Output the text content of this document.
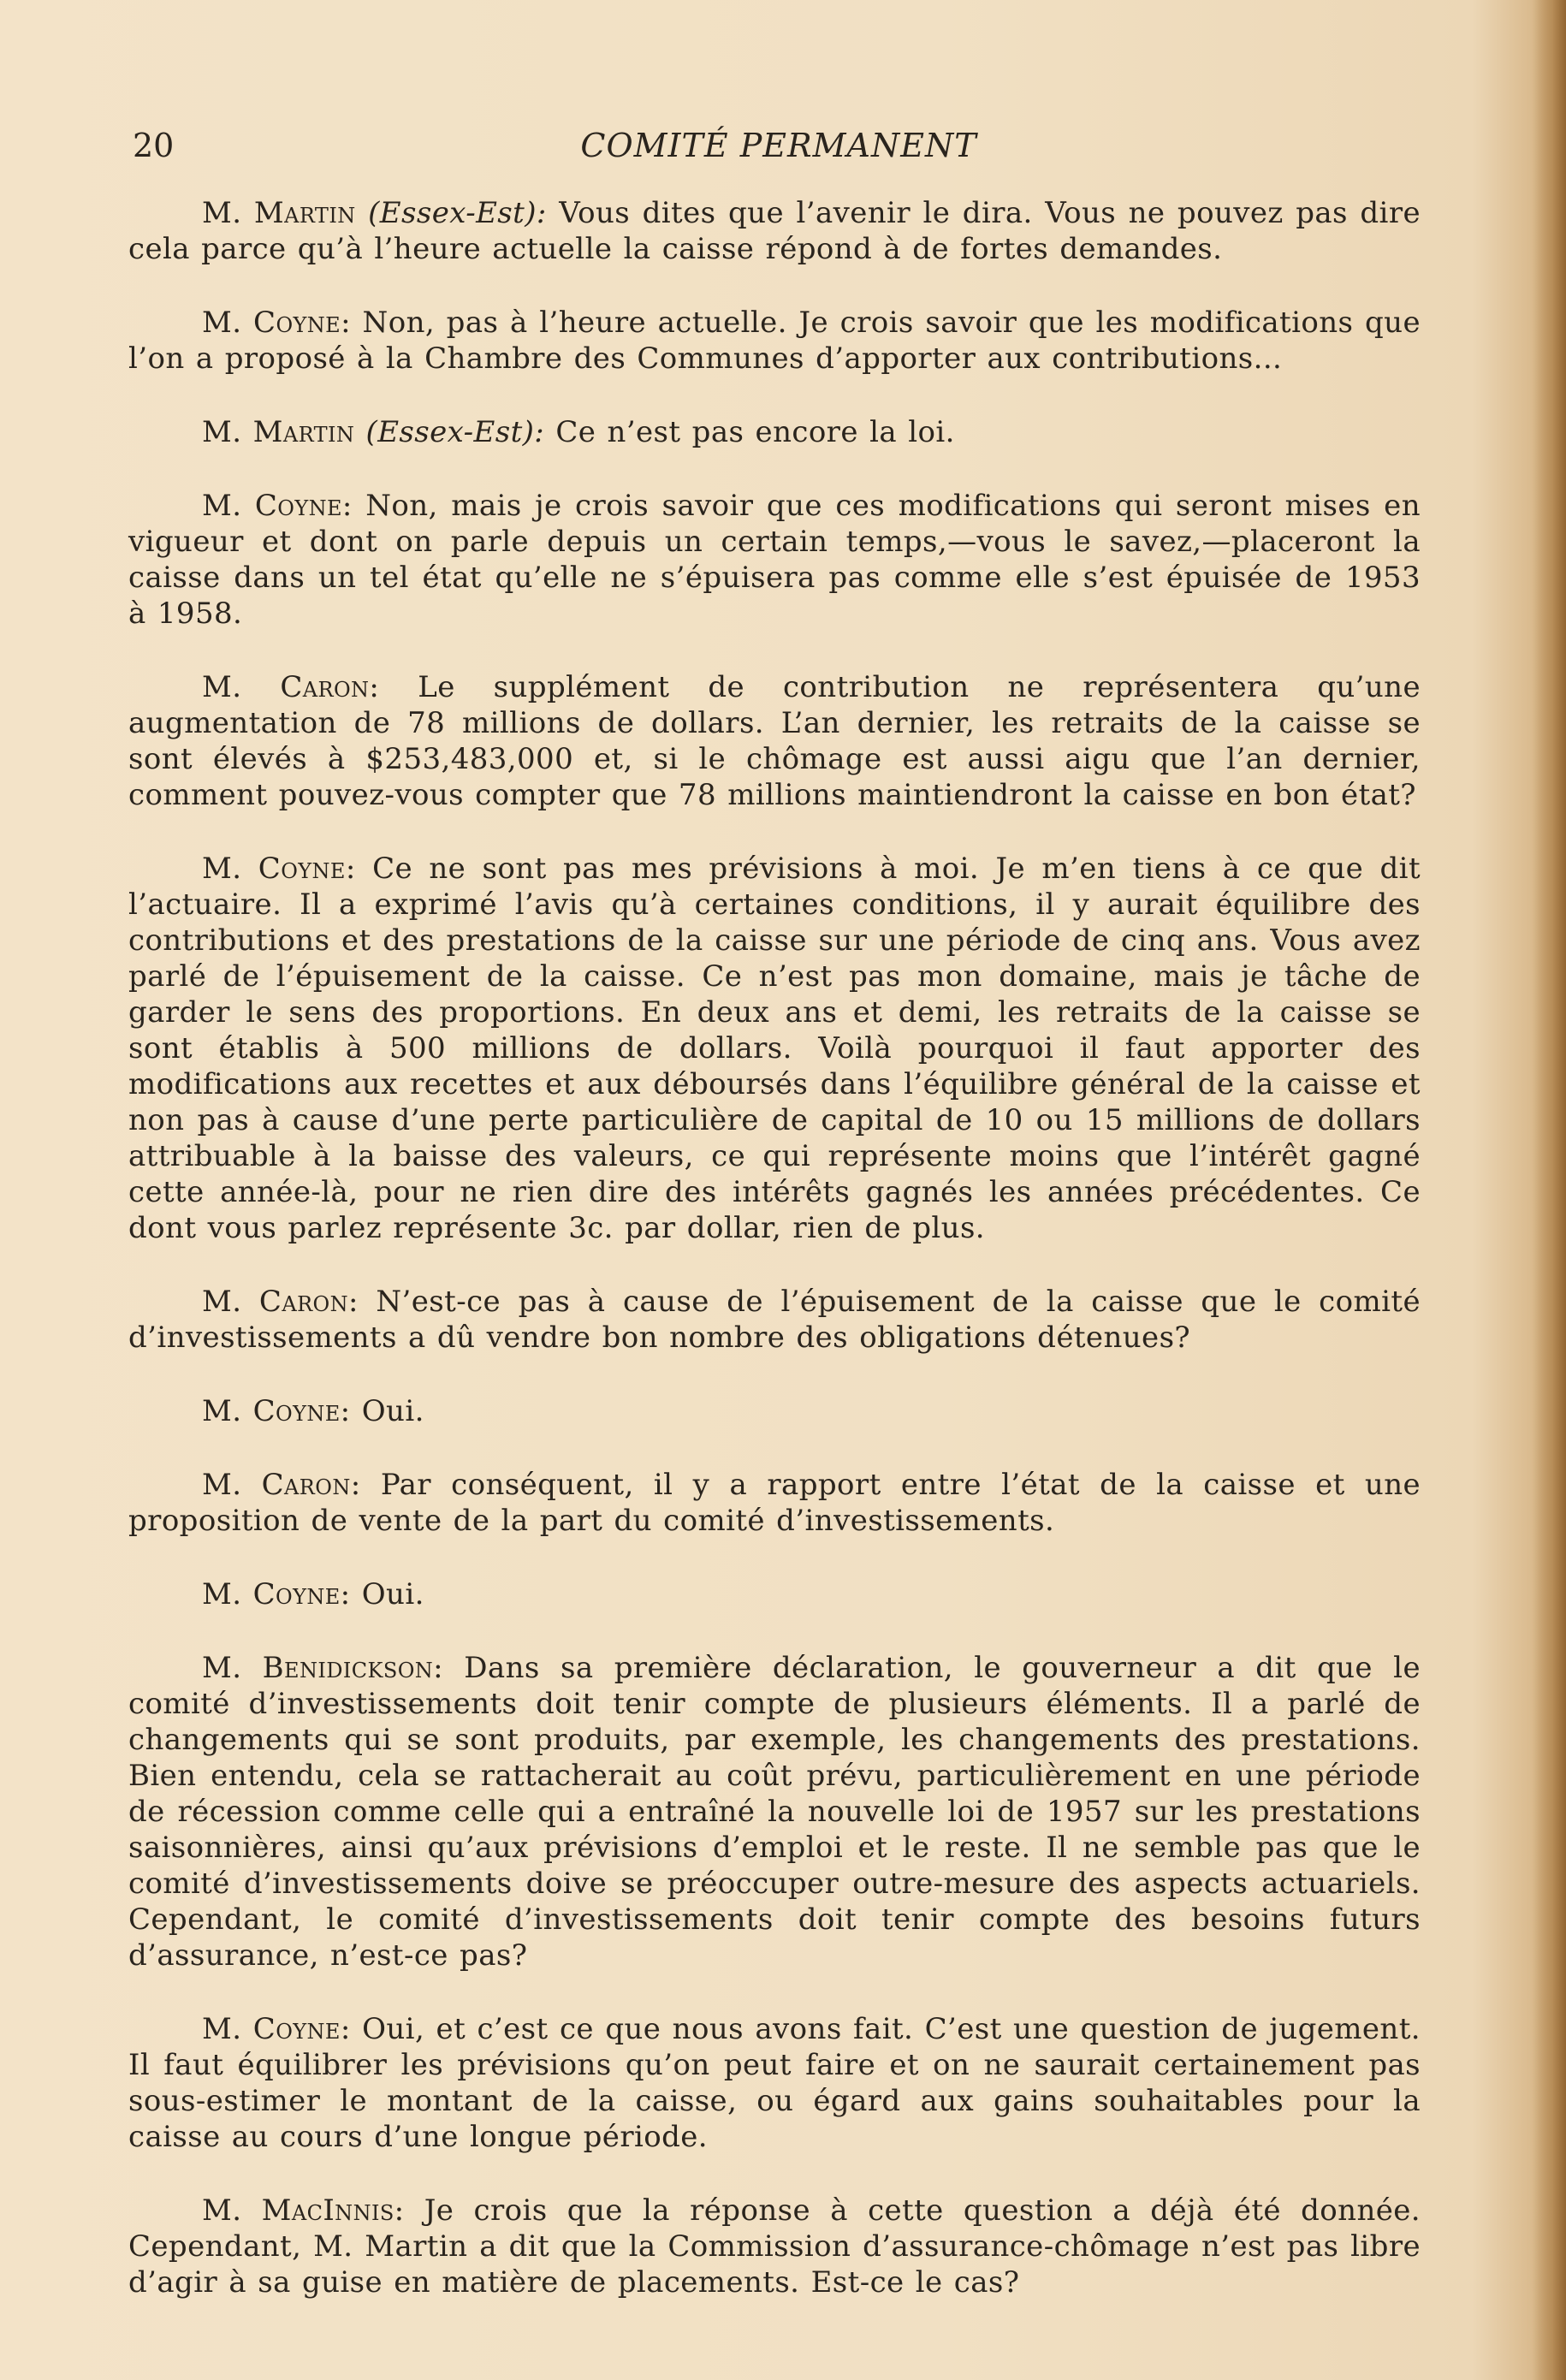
20	COMITÉ PERMANENT

M. Martin (Essex-Est): Vous dites que l’avenir le dira. Vous ne pouvez pas dire cela parce qu’à l’heure actuelle la caisse répond à de fortes demandes.

M. Coyne: Non, pas à l’heure actuelle. Je crois savoir que les modifications que l’on a proposé à la Chambre des Communes d’apporter aux contributions...

M. Martin (Essex-Est): Ce n’est pas encore la loi.

M. Coyne: Non, mais je crois savoir que ces modifications qui seront mises en vigueur et dont on parle depuis un certain temps,—vous le savez,—placeront la caisse dans un tel état qu’elle ne s’épuisera pas comme elle s’est épuisée de 1953 à 1958.

M. Caron: Le supplément de contribution ne représentera qu’une augmentation de 78 millions de dollars. L’an dernier, les retraits de la caisse se sont élevés à $253,483,000 et, si le chômage est aussi aigu que l’an dernier, comment pouvez-vous compter que 78 millions maintiendront la caisse en bon état?

M. Coyne: Ce ne sont pas mes prévisions à moi. Je m’en tiens à ce que dit l’actuaire. Il a exprimé l’avis qu’à certaines conditions, il y aurait équilibre des contributions et des prestations de la caisse sur une période de cinq ans. Vous avez parlé de l’épuisement de la caisse. Ce n’est pas mon domaine, mais je tâche de garder le sens des proportions. En deux ans et demi, les retraits de la caisse se sont établis à 500 millions de dollars. Voilà pourquoi il faut apporter des modifications aux recettes et aux déboursés dans l’équilibre général de la caisse et non pas à cause d’une perte particulière de capital de 10 ou 15 millions de dollars attribuable à la baisse des valeurs, ce qui représente moins que l’intérêt gagné cette année-là, pour ne rien dire des intérêts gagnés les années précédentes. Ce dont vous parlez représente 3c. par dollar, rien de plus.

M. Caron: N’est-ce pas à cause de l’épuisement de la caisse que le comité d’investissements a dû vendre bon nombre des obligations détenues?

M. Coyne: Oui.

M. Caron: Par conséquent, il y a rapport entre l’état de la caisse et une proposition de vente de la part du comité d’investissements.

M. Coyne: Oui.

M. Benidickson: Dans sa première déclaration, le gouverneur a dit que le comité d’investissements doit tenir compte de plusieurs éléments. Il a parlé de changements qui se sont produits, par exemple, les changements des prestations. Bien entendu, cela se rattacherait au coût prévu, particulièrement en une période de récession comme celle qui a entraîné la nouvelle loi de 1957 sur les prestations saisonnières, ainsi qu’aux prévisions d’emploi et le reste. Il ne semble pas que le comité d’investissements doive se préoccuper outre-mesure des aspects actuariels. Cependant, le comité d’investissements doit tenir compte des besoins futurs d’assurance, n’est-ce pas?

M. Coyne: Oui, et c’est ce que nous avons fait. C’est une question de jugement. Il faut équilibrer les prévisions qu’on peut faire et on ne saurait certainement pas sous-estimer le montant de la caisse, ou égard aux gains souhaitables pour la caisse au cours d’une longue période.

M. MacInnis: Je crois que la réponse à cette question a déjà été donnée. Cependant, M. Martin a dit que la Commission d’assurance-chômage n’est pas libre d’agir à sa guise en matière de placements. Est-ce le cas?
